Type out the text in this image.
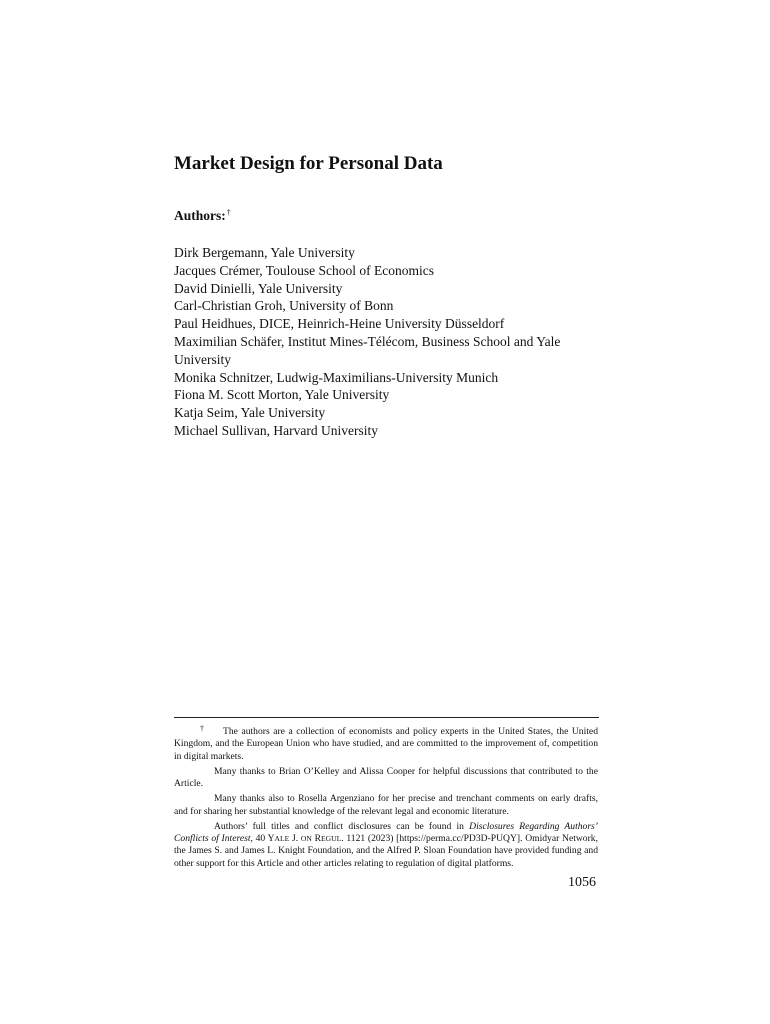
Market Design for Personal Data
Authors:†
Dirk Bergemann, Yale University
Jacques Crémer, Toulouse School of Economics
David Dinielli, Yale University
Carl-Christian Groh, University of Bonn
Paul Heidhues, DICE, Heinrich-Heine University Düsseldorf
Maximilian Schäfer, Institut Mines-Télécom, Business School and Yale University
Monika Schnitzer, Ludwig-Maximilians-University Munich
Fiona M. Scott Morton, Yale University
Katja Seim, Yale University
Michael Sullivan, Harvard University

† The authors are a collection of economists and policy experts in the United States, the United Kingdom, and the European Union who have studied, and are committed to the improvement of, competition in digital markets.

Many thanks to Brian O’Kelley and Alissa Cooper for helpful discussions that contributed to the Article.

Many thanks also to Rosella Argenziano for her precise and trenchant comments on early drafts, and for sharing her substantial knowledge of the relevant legal and economic literature.

Authors’ full titles and conflict disclosures can be found in Disclosures Regarding Authors’ Conflicts of Interest, 40 YALE J. ON REGUL. 1121 (2023) [https://perma.cc/PD3D-PUQY]. Omidyar Network, the James S. and James L. Knight Foundation, and the Alfred P. Sloan Foundation have provided funding and other support for this Article and other articles relating to regulation of digital platforms.

1056
